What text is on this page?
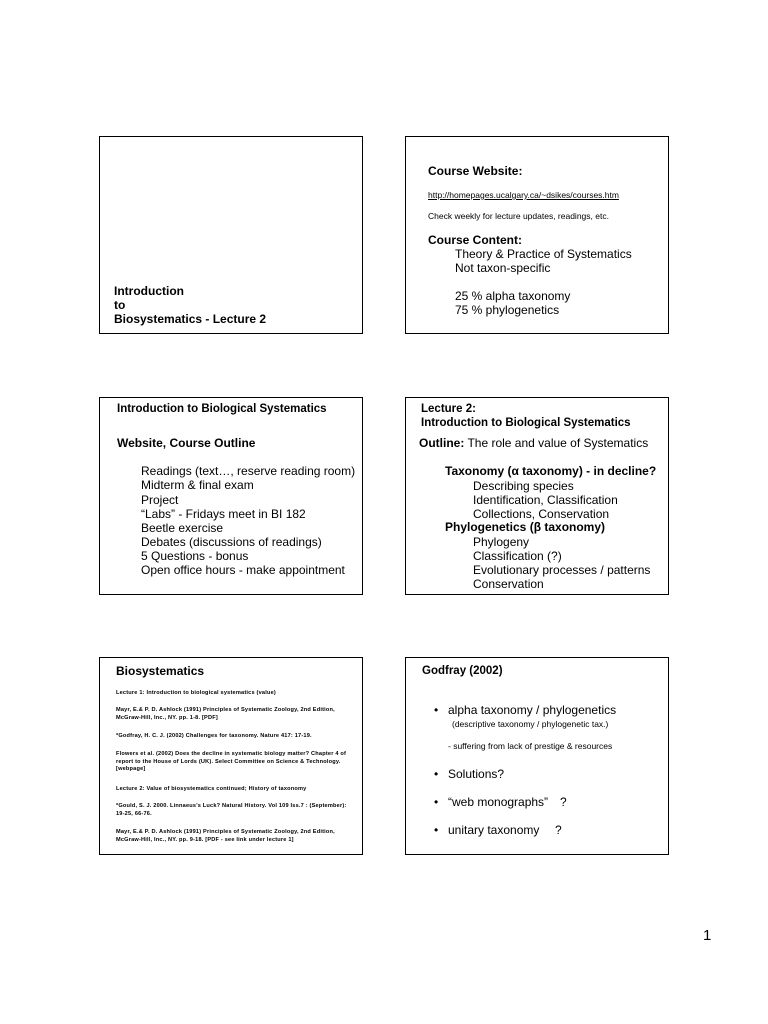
Introduction
to
Biosystematics - Lecture 2
Course Website:
http://homepages.ucalgary.ca/~dsikes/courses.htm
Check weekly for lecture updates, readings, etc.
Course Content:
Theory & Practice of Systematics
Not taxon-specific
25 % alpha taxonomy
75 % phylogenetics
Introduction to Biological Systematics
Website, Course Outline
Readings (text…, reserve reading room)
Midterm & final exam
Project
“Labs” - Fridays meet in BI 182
Beetle exercise
Debates (discussions of readings)
5 Questions - bonus
Open office hours - make appointment
Lecture 2:
Introduction to Biological Systematics
Outline: The role and value of Systematics
Taxonomy (α taxonomy) - in decline?
Describing species
Identification, Classification
Collections, Conservation
Phylogenetics (β taxonomy)
Phylogeny
Classification (?)
Evolutionary processes / patterns
Conservation
Biosystematics
Lecture 1: Introduction to biological systematics (value)
Mayr, E.& P. D. Ashlock (1991) Principles of Systematic Zoology, 2nd Edition, McGraw-Hill, Inc., NY. pp. 1-8. [PDF]
*Godfray, H. C. J. (2002) Challenges for taxonomy. Nature 417: 17-19.
Flowers et al. (2002) Does the decline in systematic biology matter? Chapter 4 of report to the House of Lords (UK). Select Committee on Science & Technology. [webpage]
Lecture 2: Value of biosystematics continued; History of taxonomy
*Gould, S. J. 2000. Linnaeus's Luck? Natural History. Vol 109 Iss.7 : (September): 19-25, 66-76.
Mayr, E.& P. D. Ashlock (1991) Principles of Systematic Zoology, 2nd Edition, McGraw-Hill, Inc., NY. pp. 9-18. [PDF - see link under lecture 1]
Godfray (2002)
• alpha taxonomy / phylogenetics
(descriptive taxonomy / phylogenetic tax.)
- suffering from lack of prestige & resources
• Solutions?
• “web monographs” ?
• unitary taxonomy ?
1
